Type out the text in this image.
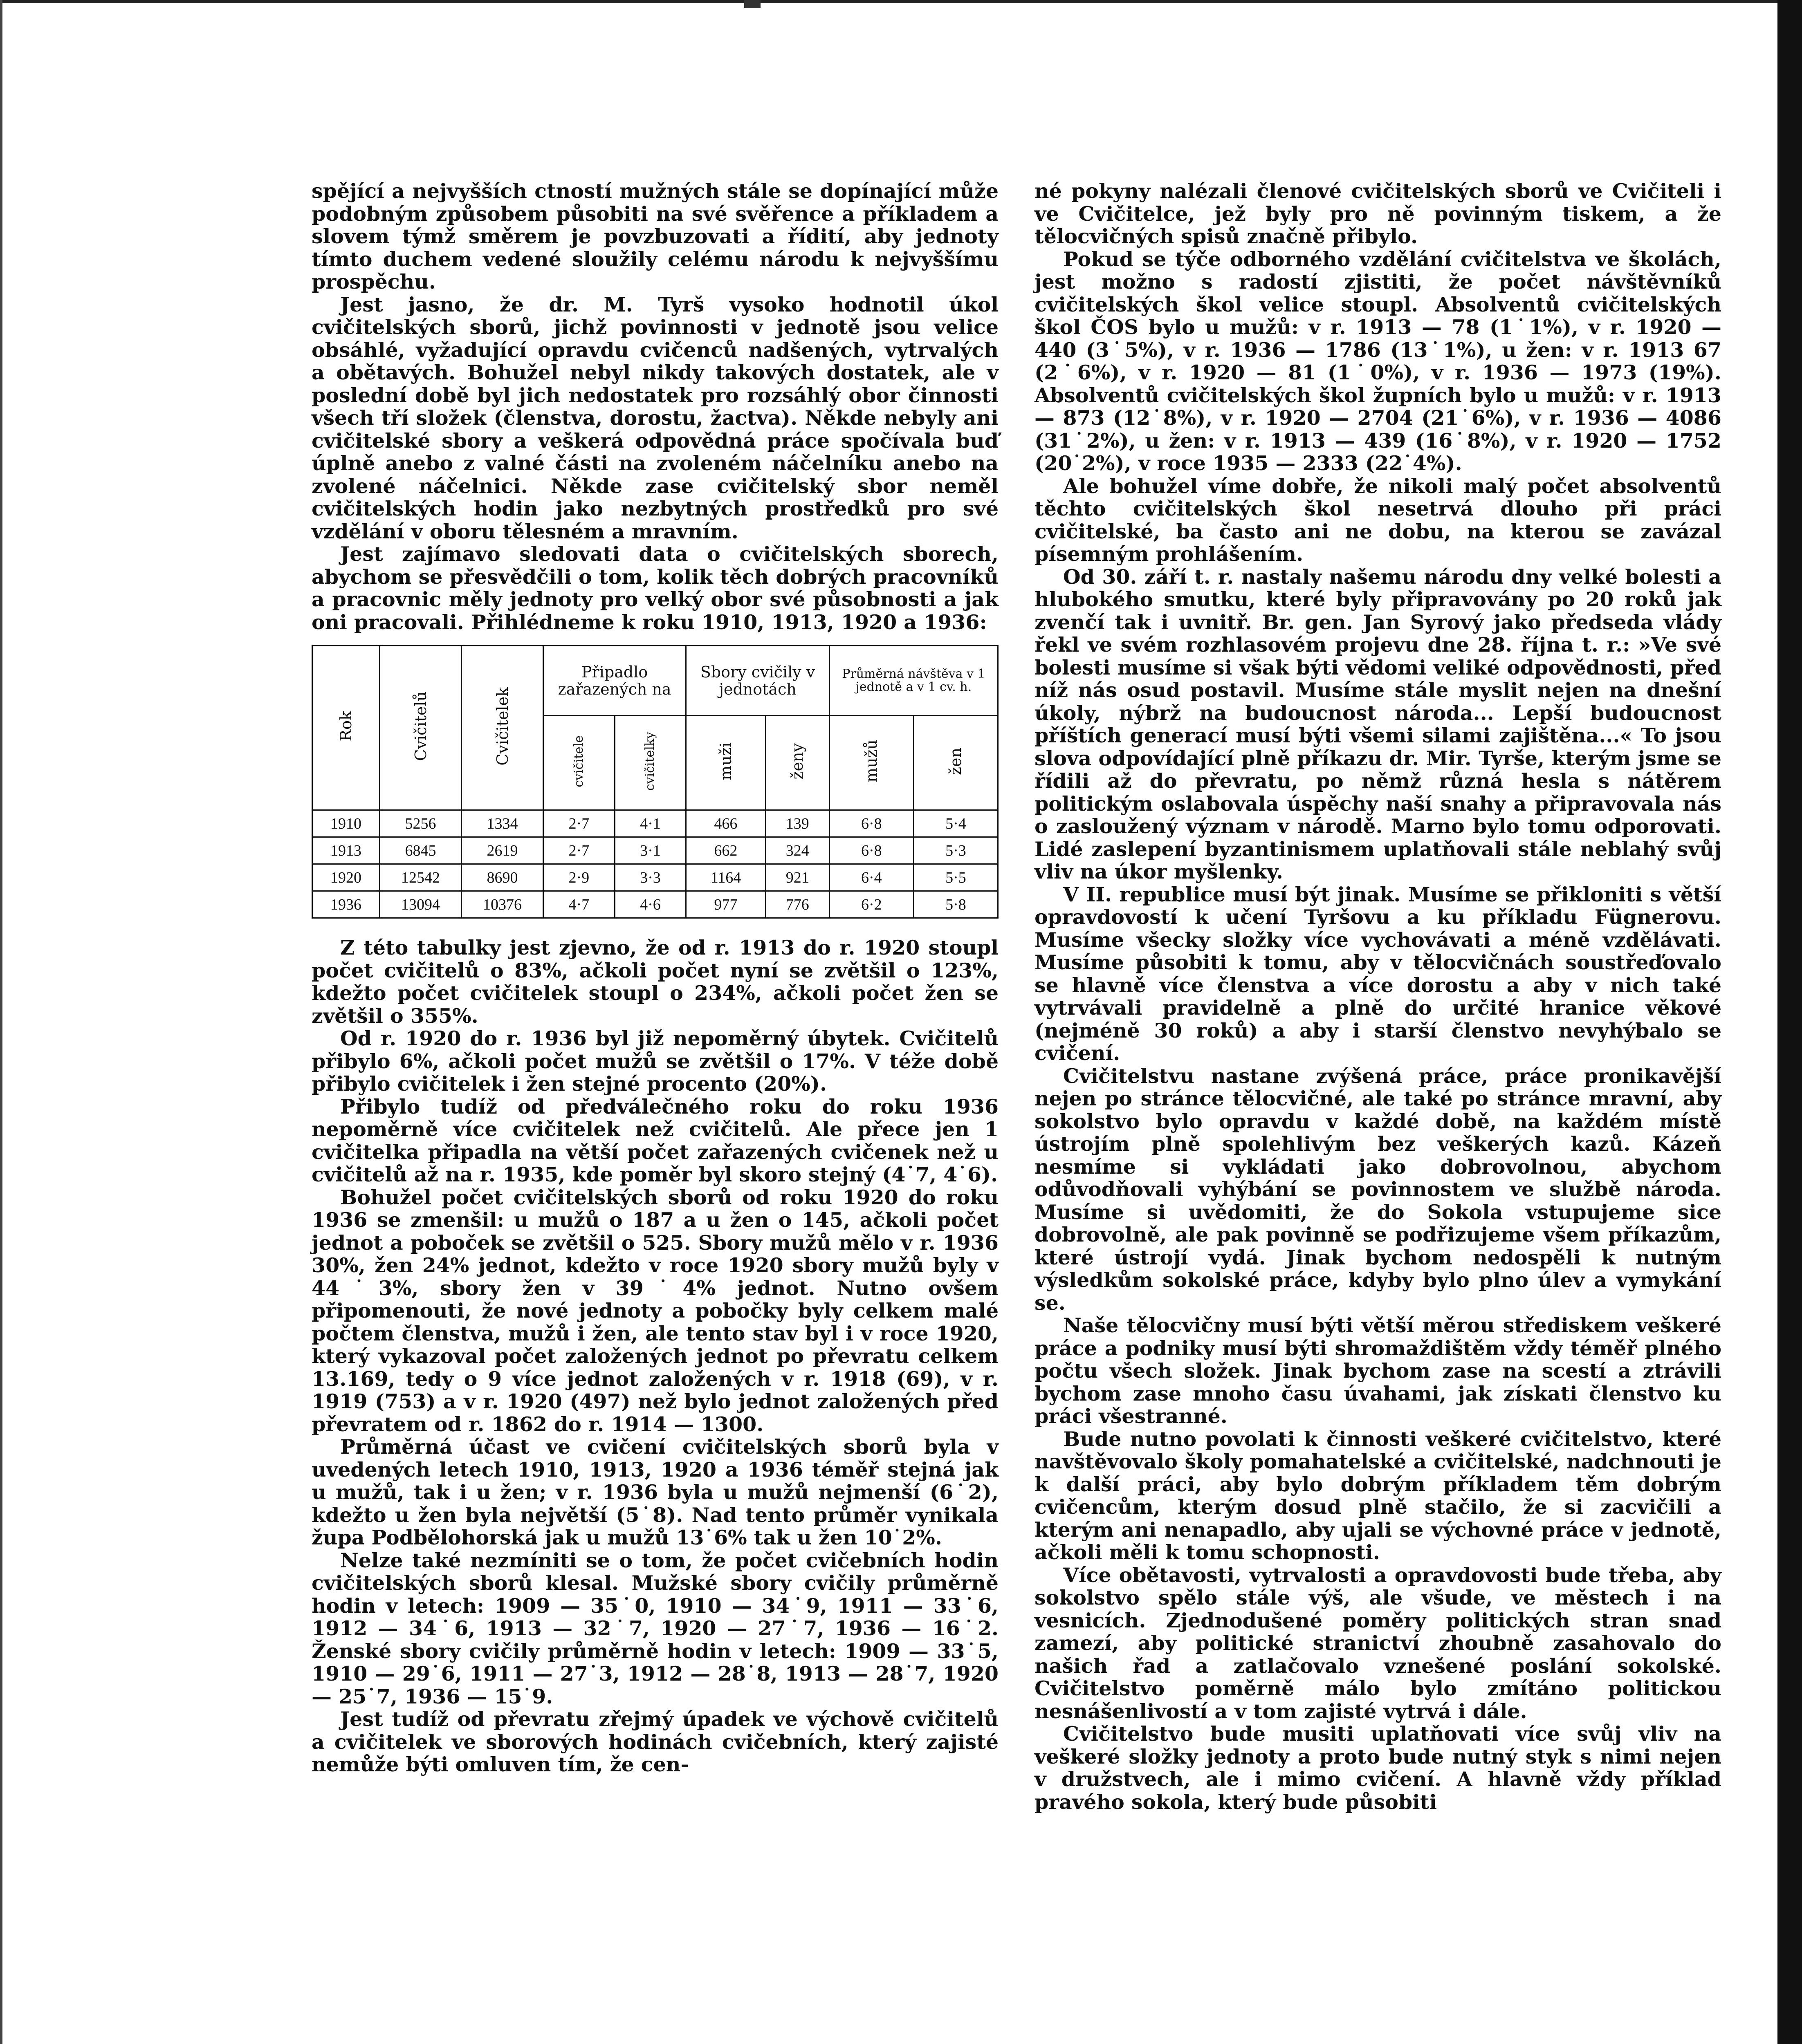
spějící a nejvyšších ctností mužných stále se dopínající může podobným způsobem působiti na své svěřence a příkladem a slovem týmž směrem je povzbuzovati a řídití, aby jednoty tímto duchem vedené sloužily celému národu k nejvyššímu prospěchu.

Jest jasno, že dr. M. Tyrš vysoko hodnotil úkol cvičitelských sborů, jichž povinnosti v jednotě jsou velice obsáhlé, vyžadující opravdu cvičenců nadšených, vytrvalých a obětavých. Bohužel nebyl nikdy takových dostatek, ale v poslední době byl jich nedostatek pro rozsáhlý obor činnosti všech tří složek (členstva, dorostu, žactva). Někde nebyly ani cvičitelské sbory a veškerá odpovědná práce spočívala buď úplně anebo z valné části na zvoleném náčelníku anebo na zvolené náčelnici. Někde zase cvičitelský sbor neměl cvičitelských hodin jako nezbytných prostředků pro své vzdělání v oboru tělesném a mravním.

Jest zajímavo sledovati data o cvičitelských sborech, abychom se přesvědčili o tom, kolik těch dobrých pracovníků a pracovnic měly jednoty pro velký obor své působnosti a jak oni pracovali. Přihlédneme k roku 1910, 1913, 1920 a 1936:

Rok	Cvičitelů	Cvičitelek	Připadlo zařazených na		Sbory cvičily v jednotách		Průměrná návštěva v 1 jednotě a v 1 cv. h.	
			cvičitele	cvičitelky	muži	ženy	mužů	žen
1910	5256	1334	2·7	4·1	466	139	6·8	5·4
1913	6845	2619	2·7	3·1	662	324	6·8	5·3
1920	12542	8690	2·9	3·3	1164	921	6·4	5·5
1936	13094	10376	4·7	4·6	977	776	6·2	5·8

Z této tabulky jest zjevno, že od r. 1913 do r. 1920 stoupl počet cvičitelů o 83%, ačkoli počet nyní se zvětšil o 123%, kdežto počet cvičitelek stoupl o 234%, ačkoli počet žen se zvětšil o 355%.

Od r. 1920 do r. 1936 byl již nepoměrný úbytek. Cvičitelů přibylo 6%, ačkoli počet mužů se zvětšil o 17%. V téže době přibylo cvičitelek i žen stejné procento (20%).

Přibylo tudíž od předválečného roku do roku 1936 nepoměrně více cvičitelek než cvičitelů. Ale přece jen 1 cvičitelka připadla na větší počet zařazených cvičenek než u cvičitelů až na r. 1935, kde poměr byl skoro stejný (4˙7, 4˙6).

Bohužel počet cvičitelských sborů od roku 1920 do roku 1936 se zmenšil: u mužů o 187 a u žen o 145, ačkoli počet jednot a poboček se zvětšil o 525. Sbory mužů mělo v r. 1936 30%, žen 24% jednot, kdežto v roce 1920 sbory mužů byly v 44˙3%, sbory žen v 39˙4% jednot. Nutno ovšem připomenouti, že nové jednoty a pobočky byly celkem malé počtem členstva, mužů i žen, ale tento stav byl i v roce 1920, který vykazoval počet založených jednot po převratu celkem 13.169, tedy o 9 více jednot založených v r. 1918 (69), v r. 1919 (753) a v r. 1920 (497) než bylo jednot založených před převratem od r. 1862 do r. 1914 — 1300.

Průměrná účast ve cvičení cvičitelských sborů byla v uvedených letech 1910, 1913, 1920 a 1936 téměř stejná jak u mužů, tak i u žen; v r. 1936 byla u mužů nejmenší (6˙2), kdežto u žen byla největší (5˙8). Nad tento průměr vynikala župa Podbělohorská jak u mužů 13˙6% tak u žen 10˙2%.

Nelze také nezmíniti se o tom, že počet cvičebních hodin cvičitelských sborů klesal. Mužské sbory cvičily průměrně hodin v letech: 1909 — 35˙0, 1910 — 34˙9, 1911 — 33˙6, 1912 — 34˙6, 1913 — 32˙7, 1920 — 27˙7, 1936 — 16˙2. Ženské sbory cvičily průměrně hodin v letech: 1909 — 33˙5, 1910 — 29˙6, 1911 — 27˙3, 1912 — 28˙8, 1913 — 28˙7, 1920 — 25˙7, 1936 — 15˙9.

Jest tudíž od převratu zřejmý úpadek ve výchově cvičitelů a cvičitelek ve sborových hodinách cvičebních, který zajisté nemůže býti omluven tím, že cen-

né pokyny nalézali členové cvičitelských sborů ve Cvičiteli i ve Cvičitelce, jež byly pro ně povinným tiskem, a že tělocvičných spisů značně přibylo.

Pokud se týče odborného vzdělání cvičitelstva ve školách, jest možno s radostí zjistiti, že počet návštěvníků cvičitelských škol velice stoupl. Absolventů cvičitelských škol ČOS bylo u mužů: v r. 1913 — 78 (1˙1%), v r. 1920 — 440 (3˙5%), v r. 1936 — 1786 (13˙1%), u žen: v r. 1913 67 (2˙6%), v r. 1920 — 81 (1˙0%), v r. 1936 — 1973 (19%). Absolventů cvičitelských škol župních bylo u mužů: v r. 1913 — 873 (12˙8%), v r. 1920 — 2704 (21˙6%), v r. 1936 — 4086 (31˙2%), u žen: v r. 1913 — 439 (16˙8%), v r. 1920 — 1752 (20˙2%), v roce 1935 — 2333 (22˙4%).

Ale bohužel víme dobře, že nikoli malý počet absolventů těchto cvičitelských škol nesetrvá dlouho při práci cvičitelské, ba často ani ne dobu, na kterou se zavázal písemným prohlášením.

Od 30. září t. r. nastaly našemu národu dny velké bolesti a hlubokého smutku, které byly připravovány po 20 roků jak zvenčí tak i uvnitř. Br. gen. Jan Syrový jako předseda vlády řekl ve svém rozhlasovém projevu dne 28. října t. r.: »Ve své bolesti musíme si však býti vědomi veliké odpovědnosti, před níž nás osud postavil. Musíme stále myslit nejen na dnešní úkoly, nýbrž na budoucnost národa... Lepší budoucnost příštích generací musí býti všemi silami zajištěna...« To jsou slova odpovídající plně příkazu dr. Mir. Tyrše, kterým jsme se řídili až do převratu, po němž různá hesla s nátěrem politickým oslabovala úspěchy naší snahy a připravovala nás o zasloužený význam v národě. Marno bylo tomu odporovati. Lidé zaslepení byzantinismem uplatňovali stále neblahý svůj vliv na úkor myšlenky.

V II. republice musí být jinak. Musíme se přikloniti s větší opravdovostí k učení Tyršovu a ku příkladu Fügnerovu. Musíme všecky složky více vychovávati a méně vzdělávati. Musíme působiti k tomu, aby v tělocvičnách soustřeďovalo se hlavně více členstva a více dorostu a aby v nich také vytrvávali pravidelně a plně do určité hranice věkové (nejméně 30 roků) a aby i starší členstvo nevyhýbalo se cvičení.

Cvičitelstvu nastane zvýšená práce, práce pronikavější nejen po stránce tělocvičné, ale také po stránce mravní, aby sokolstvo bylo opravdu v každé době, na každém místě ústrojím plně spolehlivým bez veškerých kazů. Kázeň nesmíme si vykládati jako dobrovolnou, abychom odůvodňovali vyhýbání se povinnostem ve službě národa. Musíme si uvědomiti, že do Sokola vstupujeme sice dobrovolně, ale pak povinně se podřizujeme všem příkazům, které ústrojí vydá. Jinak bychom nedospěli k nutným výsledkům sokolské práce, kdyby bylo plno úlev a vymykání se.

Naše tělocvičny musí býti větší měrou střediskem veškeré práce a podniky musí býti shromaždištěm vždy téměř plného počtu všech složek. Jinak bychom zase na scestí a ztrávili bychom zase mnoho času úvahami, jak získati členstvo ku práci všestranné.

Bude nutno povolati k činnosti veškeré cvičitelstvo, které navštěvovalo školy pomahatelské a cvičitelské, nadchnouti je k další práci, aby bylo dobrým příkladem těm dobrým cvičencům, kterým dosud plně stačilo, že si zacvičili a kterým ani nenapadlo, aby ujali se výchovné práce v jednotě, ačkoli měli k tomu schopnosti.

Více obětavosti, vytrvalosti a opravdovosti bude třeba, aby sokolstvo spělo stále výš, ale všude, ve městech i na vesnicích. Zjednodušené poměry politických stran snad zamezí, aby politické stranictví zhoubně zasahovalo do našich řad a zatlačovalo vznešené poslání sokolské. Cvičitelstvo poměrně málo bylo zmítáno politickou nesnášenlivostí a v tom zajisté vytrvá i dále.

Cvičitelstvo bude musiti uplatňovati více svůj vliv na veškeré složky jednoty a proto bude nutný styk s nimi nejen v družstvech, ale i mimo cvičení. A hlavně vždy příklad pravého sokola, který bude působiti
